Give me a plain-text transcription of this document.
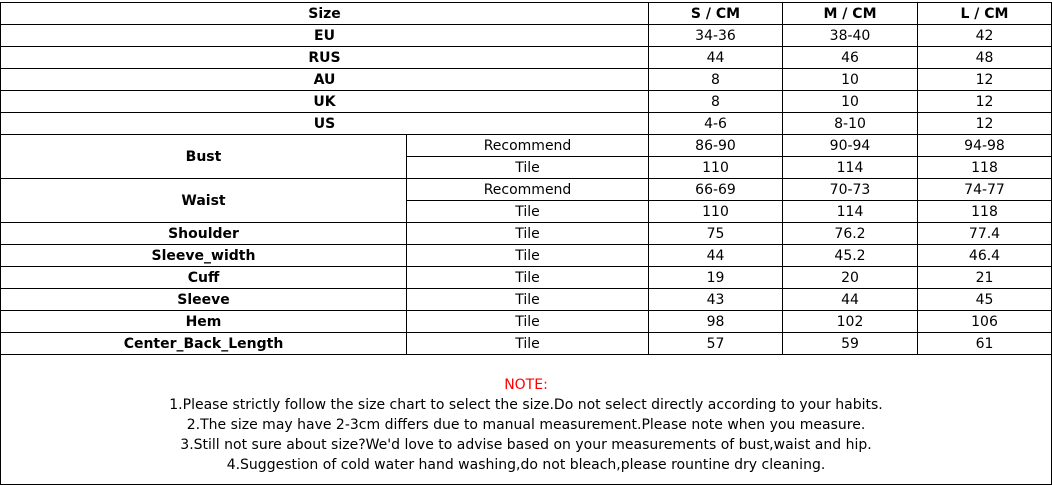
Size		S / CM	M / CM	L / CM
EU		34-36	38-40	42
RUS		44	46	48
AU		8	10	12
UK		8	10	12
US		4-6	8-10	12
Bust	Recommend	86-90	90-94	94-98
	Tile	110	114	118
Waist	Recommend	66-69	70-73	74-77
	Tile	110	114	118
Shoulder	Tile	75	76.2	77.4
Sleeve_width	Tile	44	45.2	46.4
Cuff	Tile	19	20	21
Sleeve	Tile	43	44	45
Hem	Tile	98	102	106
Center_Back_Length	Tile	57	59	61
NOTE:
1.Please strictly follow the size chart to select the size.Do not select directly according to your habits.
2.The size may have 2-3cm differs due to manual measurement.Please note when you measure.
3.Still not sure about size?We'd love to advise based on your measurements of bust,waist and hip.
4.Suggestion of cold water hand washing,do not bleach,please rountine dry cleaning.
